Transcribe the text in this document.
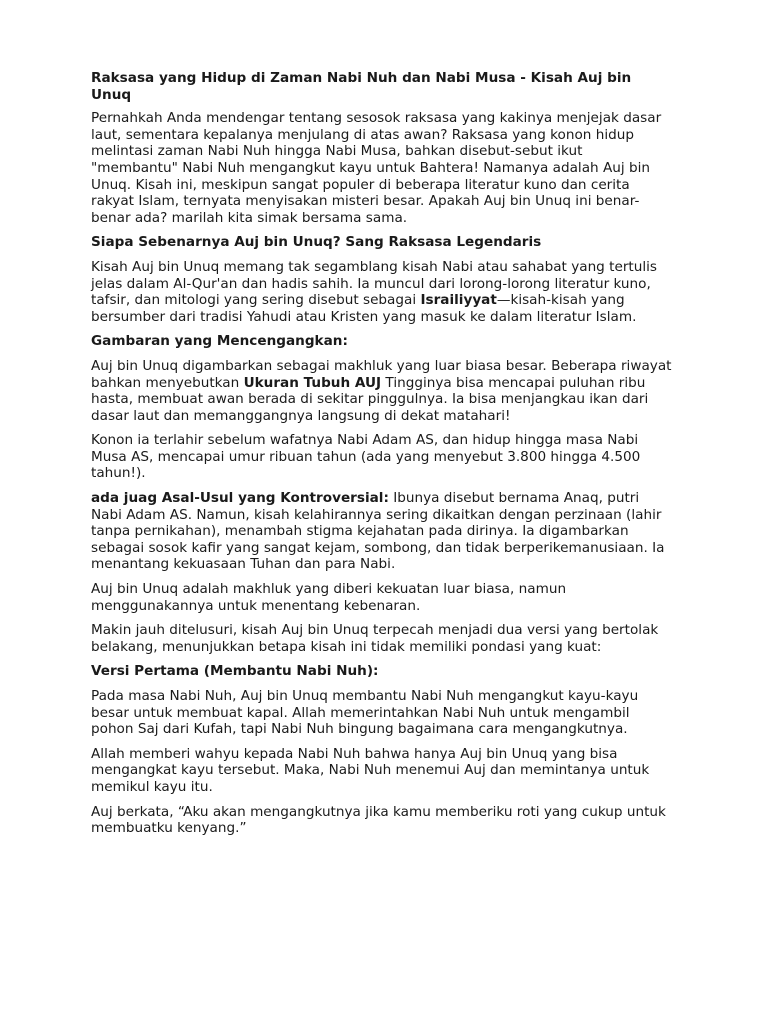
Raksasa yang Hidup di Zaman Nabi Nuh dan Nabi Musa - Kisah Auj bin Unuq

Pernahkah Anda mendengar tentang sesosok raksasa yang kakinya menjejak dasar laut, sementara kepalanya menjulang di atas awan? Raksasa yang konon hidup melintasi zaman Nabi Nuh hingga Nabi Musa, bahkan disebut-sebut ikut "membantu" Nabi Nuh mengangkut kayu untuk Bahtera! Namanya adalah Auj bin Unuq. Kisah ini, meskipun sangat populer di beberapa literatur kuno dan cerita rakyat Islam, ternyata menyisakan misteri besar. Apakah Auj bin Unuq ini benar-benar ada? marilah kita simak bersama sama.

Siapa Sebenarnya Auj bin Unuq? Sang Raksasa Legendaris

Kisah Auj bin Unuq memang tak segamblang kisah Nabi atau sahabat yang tertulis jelas dalam Al-Qur'an dan hadis sahih. Ia muncul dari lorong-lorong literatur kuno, tafsir, dan mitologi yang sering disebut sebagai Israiliyyat—kisah-kisah yang bersumber dari tradisi Yahudi atau Kristen yang masuk ke dalam literatur Islam.

Gambaran yang Mencengangkan:

Auj bin Unuq digambarkan sebagai makhluk yang luar biasa besar. Beberapa riwayat bahkan menyebutkan Ukuran Tubuh AUJ Tingginya bisa mencapai puluhan ribu hasta, membuat awan berada di sekitar pinggulnya. Ia bisa menjangkau ikan dari dasar laut dan memanggangnya langsung di dekat matahari!

Konon ia terlahir sebelum wafatnya Nabi Adam AS, dan hidup hingga masa Nabi Musa AS, mencapai umur ribuan tahun (ada yang menyebut 3.800 hingga 4.500 tahun!).

ada juag Asal-Usul yang Kontroversial: Ibunya disebut bernama Anaq, putri Nabi Adam AS. Namun, kisah kelahirannya sering dikaitkan dengan perzinaan (lahir tanpa pernikahan), menambah stigma kejahatan pada dirinya. Ia digambarkan sebagai sosok kafir yang sangat kejam, sombong, dan tidak berperikemanusiaan. Ia menantang kekuasaan Tuhan dan para Nabi.

Auj bin Unuq adalah makhluk yang diberi kekuatan luar biasa, namun menggunakannya untuk menentang kebenaran.

Makin jauh ditelusuri, kisah Auj bin Unuq terpecah menjadi dua versi yang bertolak belakang, menunjukkan betapa kisah ini tidak memiliki pondasi yang kuat:

Versi Pertama (Membantu Nabi Nuh):

Pada masa Nabi Nuh, Auj bin Unuq membantu Nabi Nuh mengangkut kayu-kayu besar untuk membuat kapal. Allah memerintahkan Nabi Nuh untuk mengambil pohon Saj dari Kufah, tapi Nabi Nuh bingung bagaimana cara mengangkutnya.

Allah memberi wahyu kepada Nabi Nuh bahwa hanya Auj bin Unuq yang bisa mengangkat kayu tersebut. Maka, Nabi Nuh menemui Auj dan memintanya untuk memikul kayu itu.

Auj berkata, “Aku akan mengangkutnya jika kamu memberiku roti yang cukup untuk membuatku kenyang.”
